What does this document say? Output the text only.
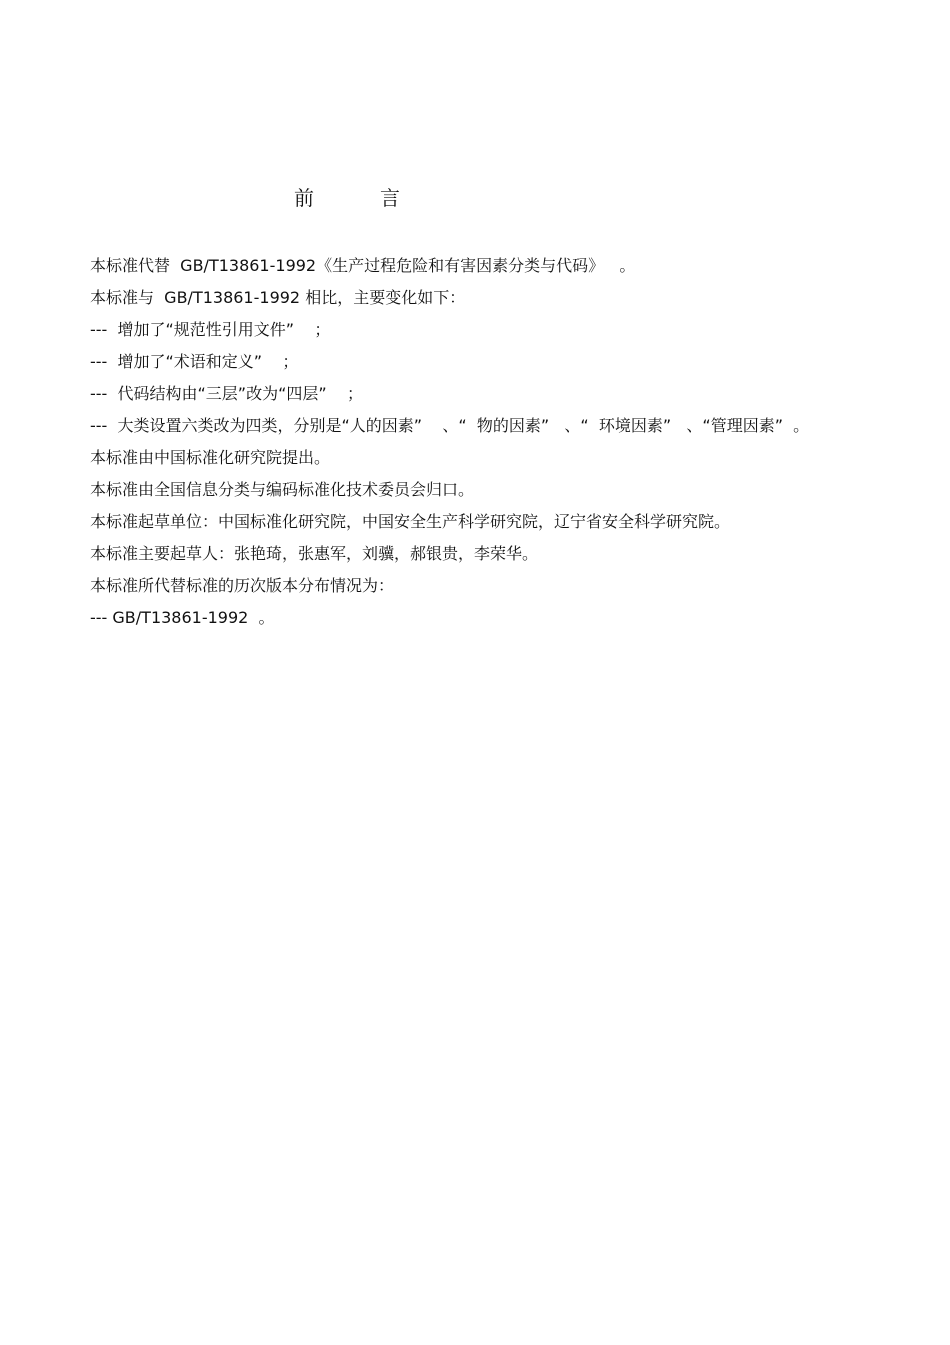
前	言

本标准代替  GB/T13861-1992《生产过程危险和有害因素分类与代码》   。

本标准与  GB/T13861-1992 相比，主要变化如下：

---  增加了“规范性引用文件”    ；

---  增加了“术语和定义”    ；

---  代码结构由“三层”改为“四层”    ；

---  大类设置六类改为四类，分别是“人的因素”    、“  物的因素”   、“  环境因素”   、“管理因素”  。

本标准由中国标准化研究院提出。

本标准由全国信息分类与编码标准化技术委员会归口。

本标准起草单位：中国标准化研究院，中国安全生产科学研究院，辽宁省安全科学研究院。

本标准主要起草人：张艳琦，张惠军，刘骥，郝银贵，李荣华。

本标准所代替标准的历次版本分布情况为：

--- GB/T13861-1992  。
